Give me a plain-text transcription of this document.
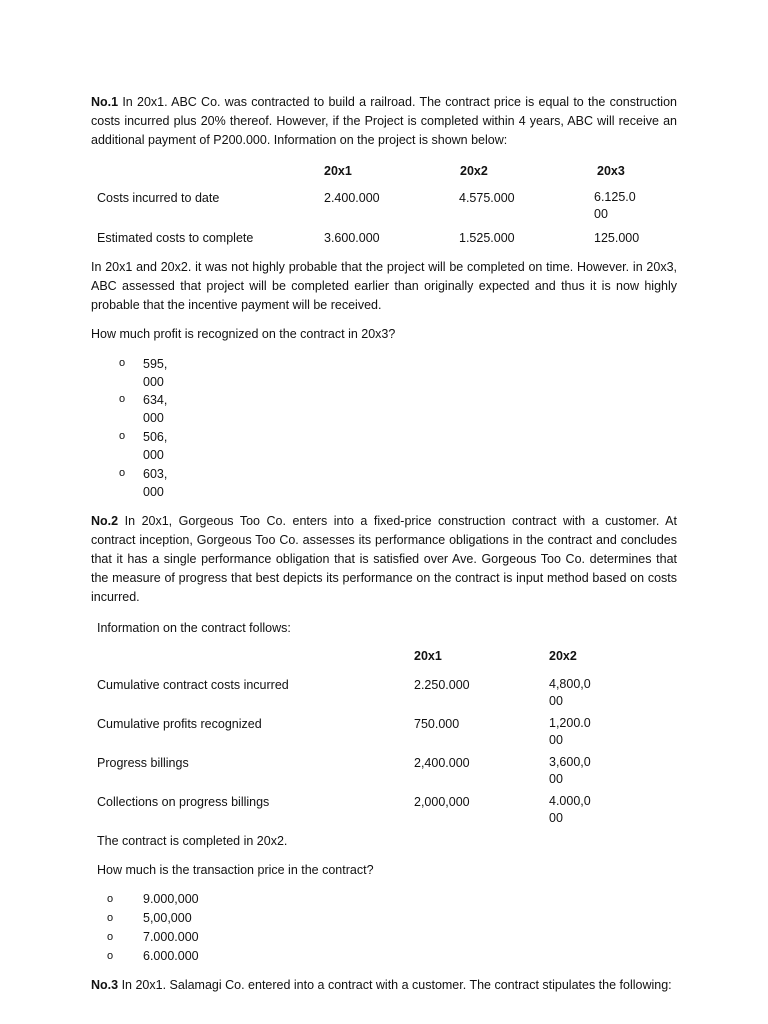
No.1 In 20x1. ABC Co. was contracted to build a railroad. The contract price is equal to the construction costs incurred plus 20% thereof. However, if the Project is completed within 4 years, ABC will receive an additional payment of P200.000. Information on the project is shown below:

20x1	20x2	20x3
Costs incurred to date	2.400.000	4.575.000	6.125.000
Estimated costs to complete	3.600.000	1.525.000	125.000

In 20x1 and 20x2. it was not highly probable that the project will be completed on time. However. in 20x3, ABC assessed that project will be completed earlier than originally expected and thus it is now highly probable that the incentive payment will be received.

How much profit is recognized on the contract in 20x3?
o 595,000
o 634,000
o 506,000
o 603,000

No.2 In 20x1, Gorgeous Too Co. enters into a fixed-price construction contract with a customer. At contract inception, Gorgeous Too Co. assesses its performance obligations in the contract and concludes that it has a single performance obligation that is satisfied over Ave. Gorgeous Too Co. determines that the measure of progress that best depicts its performance on the contract is input method based on costs incurred.

Information on the contract follows:
20x1	20x2
Cumulative contract costs incurred	2.250.000	4,800,000
Cumulative profits recognized	750.000	1,200.000
Progress billings	2,400.000	3,600,000
Collections on progress billings	2,000,000	4.000,000
The contract is completed in 20x2.
How much is the transaction price in the contract?
o 9.000,000
o 5,00,000
o 7.000.000
o 6.000.000

No.3 In 20x1. Salamagi Co. entered into a contract with a customer. The contract stipulates the following:
